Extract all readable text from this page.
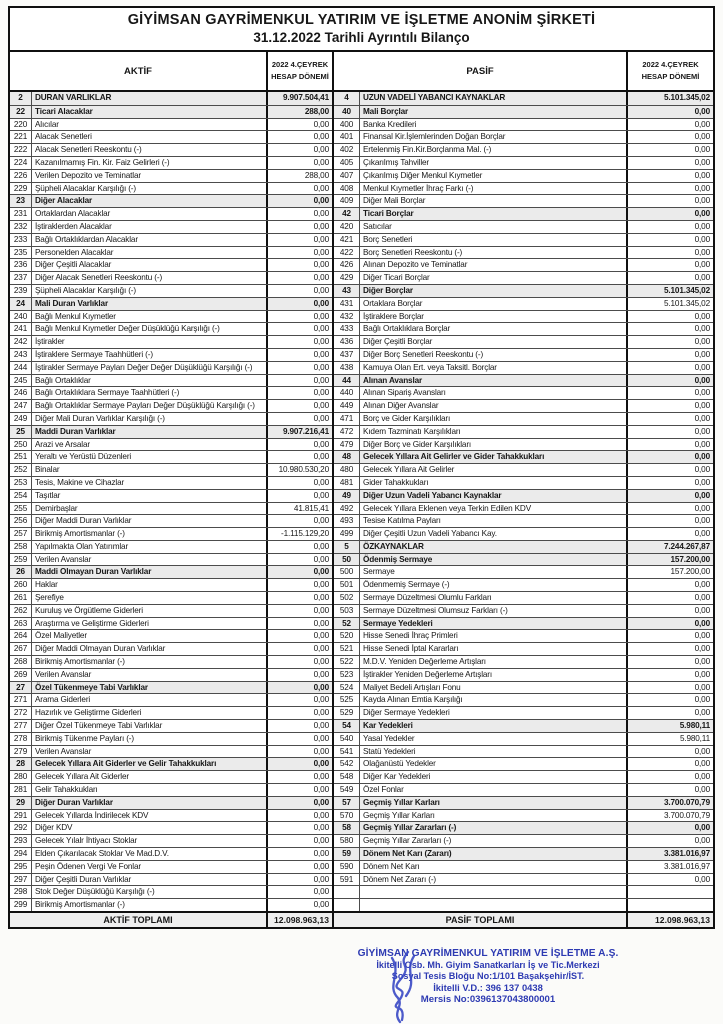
GİYİMSAN GAYRİMENKUL YATIRIM VE İŞLETME ANONİM ŞİRKETİ
31.12.2022 Tarihli Ayrıntılı Bilanço
AKTİF
2022 4.ÇEYREK HESAP DÖNEMİ	PASİF
2022 4.ÇEYREK HESAP DÖNEMİ
2	DURAN VARLIKLAR	9.907.504,41
22	Ticari Alacaklar	288,00
220 Alıcılar	0,00
221 Alacak Senetleri	0,00
222 Alacak Senetleri Reeskontu (-)	0,00
224 Kazanılmamış Fin. Kir. Faiz Gelirleri (-)	0,00
226 Verilen Depozito ve Teminatlar	288,00
229 Şüpheli Alacaklar Karşılığı (-)	0,00
23	Diğer Alacaklar	0,00
231 Ortaklardan Alacaklar	0,00
232 İştiraklerden Alacaklar	0,00
233 Bağlı Ortaklıklardan Alacaklar	0,00
235 Personelden Alacaklar	0,00
236 Diğer Çeşitli Alacaklar	0,00
237 Diğer Alacak Senetleri Reeskontu (-)	0,00
239 Şüpheli Alacaklar Karşılığı (-)	0,00
24	Mali Duran Varlıklar	0,00
240 Bağlı Menkul Kıymetler	0,00
241 Bağlı Menkul Kıymetler Değer Düşüklüğü Karşılığı (-)	0,00
242 İştirakler	0,00
243 İştiraklere Sermaye Taahhütleri (-)	0,00
244 İştirakler Sermaye Payları Değer Değer Düşüklüğü Karşılığı (-)	0,00
245 Bağlı Ortaklıklar	0,00
246 Bağlı Ortaklıklara Sermaye Taahhütleri (-)	0,00
247 Bağlı Ortaklıklar Sermaye Payları Değer Düşüklüğü Karşılığı (-)	0,00
249 Diğer Mali Duran Varlıklar Karşılığı (-)	0,00
25	Maddi Duran Varlıklar	9.907.216,41
250 Arazi ve Arsalar	0,00
251 Yeraltı ve Yerüstü Düzenleri	0,00
252 Binalar	10.980.530,20
253 Tesis, Makine ve Cihazlar	0,00
254 Taşıtlar	0,00
255 Demirbaşlar	41.815,41
256 Diğer Maddi Duran Varlıklar	0,00
257 Birikmiş Amortismanlar (-)	-1.115.129,20
258 Yapılmakta Olan Yatırımlar	0,00
259 Verilen Avanslar	0,00
26	Maddi Olmayan Duran Varlıklar	0,00
260 Haklar	0,00
261 Şerefiye	0,00
262 Kuruluş ve Örgütleme Giderleri	0,00
263 Araştırma ve Geliştirme Giderleri	0,00
264 Özel Maliyetler	0,00
267 Diğer Maddi Olmayan Duran Varlıklar	0,00
268 Birikmiş Amortismanlar (-)	0,00
269 Verilen Avanslar	0,00
27	Özel Tükenmeye Tabi Varlıklar	0,00
271 Arama Giderleri	0,00
272 Hazırlık ve Geliştirme Giderleri	0,00
277 Diğer Özel Tükenmeye Tabi Varlıklar	0,00
278 Birikmiş Tükenme Payları (-)	0,00
279 Verilen Avanslar	0,00
28	Gelecek Yıllara Ait Giderler ve Gelir Tahakkukları	0,00
280 Gelecek Yıllara Ait Giderler	0,00
281 Gelir Tahakkukları	0,00
29	Diğer Duran Varlıklar	0,00
291 Gelecek Yıllarda İndirilecek KDV	0,00
292 Diğer KDV	0,00
293 Gelecek Yılalr İhtiyacı Stoklar	0,00
294 Elden Çıkarılacak Stoklar Ve Mad.D.V.	0,00
295 Peşin Ödenen Vergi Ve Fonlar	0,00
297 Diğer Çeşitli Duran Varlıklar	0,00
298 Stok Değer Düşüklüğü Karşılığı (-)	0,00
299 Birikmiş Amortismanlar (-)	0,00
AKTİF TOPLAMI	12.098.963,13
4	UZUN VADELİ YABANCI KAYNAKLAR	5.101.345,02
40	Mali Borçlar	0,00
400	Banka Kredileri	0,00
401	Finansal Kir.İşlemlerinden Doğan Borçlar	0,00
402	Ertelenmiş Fin.Kir.Borçlanma Mal. (-)	0,00
405	Çıkarılmış Tahviller	0,00
407	Çıkarılmış Diğer Menkul Kıymetler	0,00
408	Menkul Kıymetler İhraç Farkı (-)	0,00
409	Diğer Mali Borçlar	0,00
42	Ticari Borçlar	0,00
420	Satıcılar	0,00
421	Borç Senetleri	0,00
422	Borç Senetleri Reeskontu (-)	0,00
426	Alınan Depozito ve Teminatlar	0,00
429	Diğer Ticari Borçlar	0,00
43	Diğer Borçlar	5.101.345,02
431	Ortaklara Borçlar	5.101.345,02
432	İştiraklere Borçlar	0,00
433	Bağlı Ortaklıklara Borçlar	0,00
436	Diğer Çeşitli Borçlar	0,00
437	Diğer Borç Senetleri Reeskontu (-)	0,00
438	Kamuya Olan Ert. veya Taksitl. Borçlar	0,00
44	Alınan Avanslar	0,00
440	Alınan Sipariş Avansları	0,00
449	Alınan Diğer Avanslar	0,00
471	Borç ve Gider Karşılıkları	0,00
472	Kıdem Tazminatı Karşılıkları	0,00
479	Diğer Borç ve Gider Karşılıkları	0,00
48	Gelecek Yıllara Ait Gelirler ve Gider Tahakkukları	0,00
480	Gelecek Yıllara Ait Gelirler	0,00
481	Gider Tahakkukları	0,00
49	Diğer Uzun Vadeli Yabancı Kaynaklar	0,00
492	Gelecek Yıllara Eklenen veya Terkin Edilen KDV	0,00
493	Tesise Katılma Payları	0,00
499	Diğer Çeşitli Uzun Vadeli Yabancı Kay.	0,00
5	ÖZKAYNAKLAR	7.244.267,87
50	Ödenmiş Sermaye	157.200,00
500	Sermaye	157.200,00
501	Ödenmemiş Sermaye (-)	0,00
502	Sermaye Düzeltmesi Olumlu Farkları	0,00
503	Sermaye Düzeltmesi Olumsuz Farkları (-)	0,00
52	Sermaye Yedekleri	0,00
520	Hisse Senedi İhraç Primleri	0,00
521	Hisse Senedi İptal Kararları	0,00
522	M.D.V. Yeniden Değerleme Artışları	0,00
523	İştirakler Yeniden Değerleme Artışları	0,00
524	Maliyet Bedeli Artışları Fonu	0,00
525	Kayda Alınan Emtia Karşılığı	0,00
529	Diğer Sermaye Yedekleri	0,00
54	Kar Yedekleri	5.980,11
540	Yasal Yedekler	5.980,11
541	Statü Yedekleri	0,00
542	Olağanüstü Yedekler	0,00
548	Diğer Kar Yedekleri	0,00
549	Özel Fonlar	0,00
57	Geçmiş Yıllar Karları	3.700.070,79
570	Geçmiş Yıllar Karları	3.700.070,79
58	Geçmiş Yıllar Zararları (-)	0,00
580	Geçmiş Yıllar Zararları (-)	0,00
59	Dönem Net Karı (Zararı)	3.381.016,97
590	Dönem Net Karı	3.381.016,97
591	Dönem Net Zararı (-)	0,00
PASİF TOPLAMI	12.098.963,13
GİYİMSAN GAYRİMENKUL YATIRIM VE İŞLETME A.Ş.
İkitelli Osb. Mh. Giyim Sanatkarları İş ve Tic.Merkezi
Sosyal Tesis Bloğu No:1/101 Başakşehir/İST.
İkitelli V.D.: 396 137 0438
Mersis No:0396137043800001
